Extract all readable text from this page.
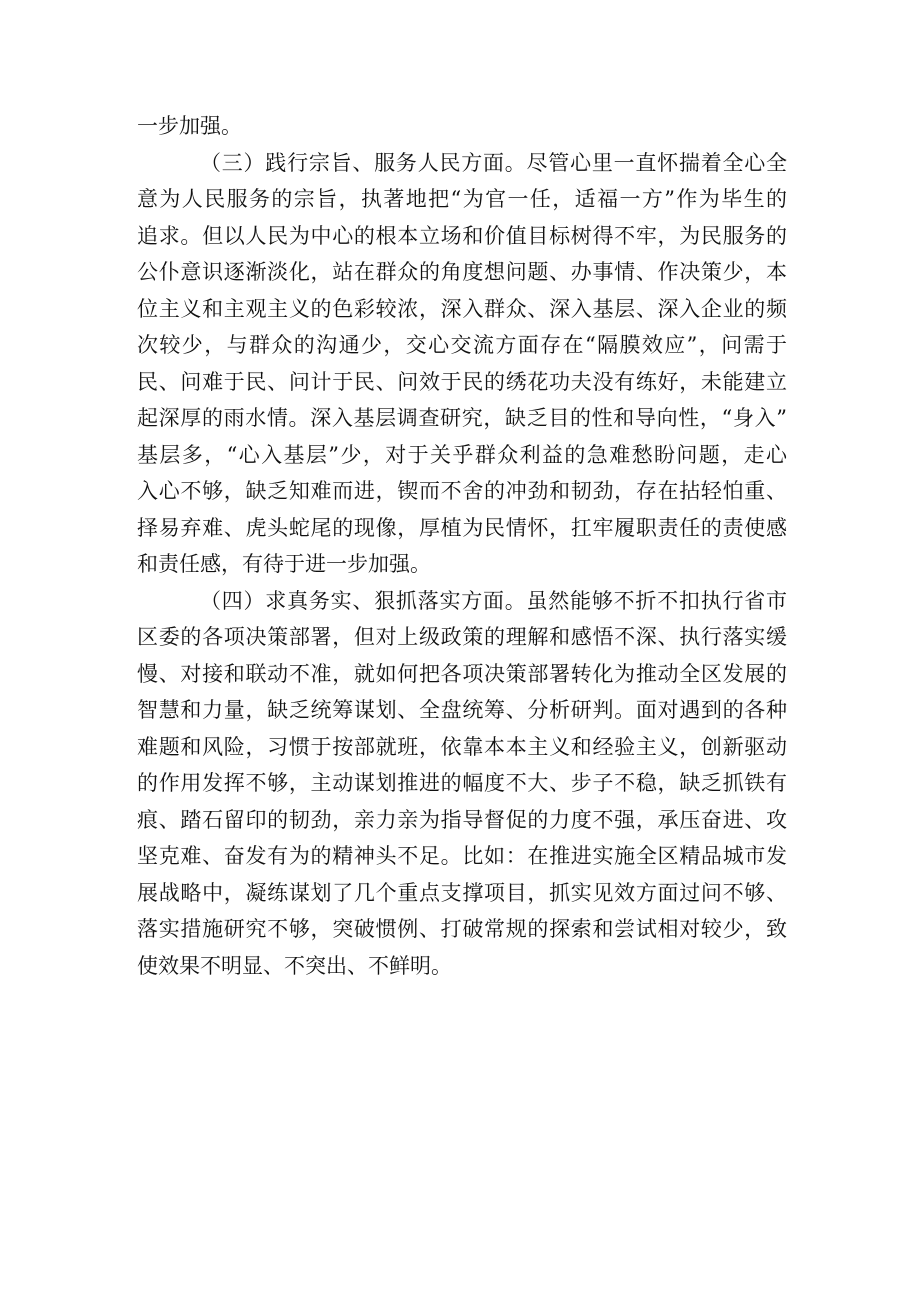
一步加强。
（三）践行宗旨、服务人民方面。尽管心里一直怀揣着全心全
意为人民服务的宗旨，执著地把“为官一任，适福一方”作为毕生的
追求。但以人民为中心的根本立场和价值目标树得不牢，为民服务的
公仆意识逐渐淡化，站在群众的角度想问题、办事情、作决策少，本
位主义和主观主义的色彩较浓，深入群众、深入基层、深入企业的频
次较少，与群众的沟通少，交心交流方面存在“隔膜效应”，问需于
民、问难于民、问计于民、问效于民的绣花功夫没有练好，未能建立
起深厚的雨水情。深入基层调查研究，缺乏目的性和导向性，“身入”
基层多，“心入基层”少，对于关乎群众利益的急难愁盼问题，走心
入心不够，缺乏知难而进，锲而不舍的冲劲和韧劲，存在拈轻怕重、
择易弃难、虎头蛇尾的现像，厚植为民情怀，扛牢履职责任的责使感
和责任感，有待于进一步加强。
（四）求真务实、狠抓落实方面。虽然能够不折不扣执行省市
区委的各项决策部署，但对上级政策的理解和感悟不深、执行落实缓
慢、对接和联动不准，就如何把各项决策部署转化为推动全区发展的
智慧和力量，缺乏统筹谋划、全盘统筹、分析研判。面对遇到的各种
难题和风险，习惯于按部就班，依靠本本主义和经验主义，创新驱动
的作用发挥不够，主动谋划推进的幅度不大、步子不稳，缺乏抓铁有
痕、踏石留印的韧劲，亲力亲为指导督促的力度不强，承压奋进、攻
坚克难、奋发有为的精神头不足。比如：在推进实施全区精品城市发
展战略中，凝练谋划了几个重点支撑项目，抓实见效方面过问不够、
落实措施研究不够，突破惯例、打破常规的探索和尝试相对较少，致
使效果不明显、不突出、不鲜明。
